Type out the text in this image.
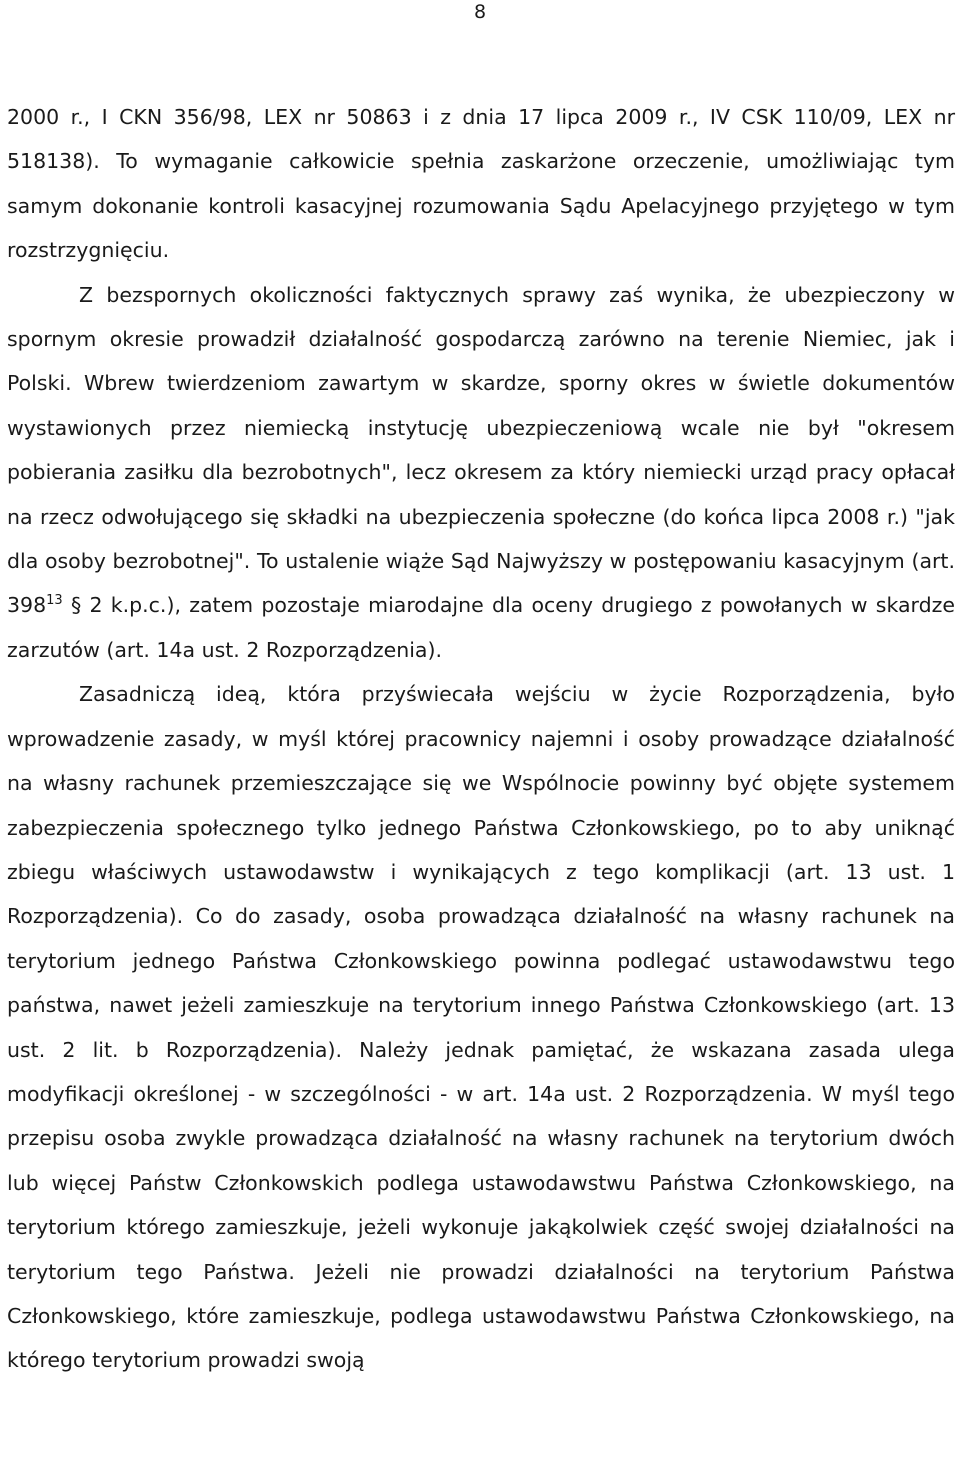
8

2000 r., I CKN 356/98, LEX nr 50863 i z dnia 17 lipca 2009 r., IV CSK 110/09, LEX nr 518138). To wymaganie całkowicie spełnia zaskarżone orzeczenie, umożliwiając tym samym dokonanie kontroli kasacyjnej rozumowania Sądu Apelacyjnego przyjętego w tym rozstrzygnięciu.

Z bezspornych okoliczności faktycznych sprawy zaś wynika, że ubezpieczony w spornym okresie prowadził działalność gospodarczą zarówno na terenie Niemiec, jak i Polski. Wbrew twierdzeniom zawartym w skardze, sporny okres w świetle dokumentów wystawionych przez niemiecką instytucję ubezpieczeniową wcale nie był "okresem pobierania zasiłku dla bezrobotnych", lecz okresem za który niemiecki urząd pracy opłacał na rzecz odwołującego się składki na ubezpieczenia społeczne (do końca lipca 2008 r.) "jak dla osoby bezrobotnej". To ustalenie wiąże Sąd Najwyższy w postępowaniu kasacyjnym (art. $398^{13}$ § 2 k.p.c.), zatem pozostaje miarodajne dla oceny drugiego z powołanych w skardze zarzutów (art. 14a ust. 2 Rozporządzenia).

Zasadniczą ideą, która przyświecała wejściu w życie Rozporządzenia, było wprowadzenie zasady, w myśl której pracownicy najemni i osoby prowadzące działalność na własny rachunek przemieszczające się we Wspólnocie powinny być objęte systemem zabezpieczenia społecznego tylko jednego Państwa Członkowskiego, po to aby uniknąć zbiegu właściwych ustawodawstw i wynikających z tego komplikacji (art. 13 ust. 1 Rozporządzenia). Co do zasady, osoba prowadząca działalność na własny rachunek na terytorium jednego Państwa Członkowskiego powinna podlegać ustawodawstwu tego państwa, nawet jeżeli zamieszkuje na terytorium innego Państwa Członkowskiego (art. 13 ust. 2 lit. b Rozporządzenia). Należy jednak pamiętać, że wskazana zasada ulega modyfikacji określonej - w szczególności - w art. 14a ust. 2 Rozporządzenia. W myśl tego przepisu osoba zwykle prowadząca działalność na własny rachunek na terytorium dwóch lub więcej Państw Członkowskich podlega ustawodawstwu Państwa Członkowskiego, na terytorium którego zamieszkuje, jeżeli wykonuje jakąkolwiek część swojej działalności na terytorium tego Państwa. Jeżeli nie prowadzi działalności na terytorium Państwa Członkowskiego, które zamieszkuje, podlega ustawodawstwu Państwa Członkowskiego, na którego terytorium prowadzi swoją
